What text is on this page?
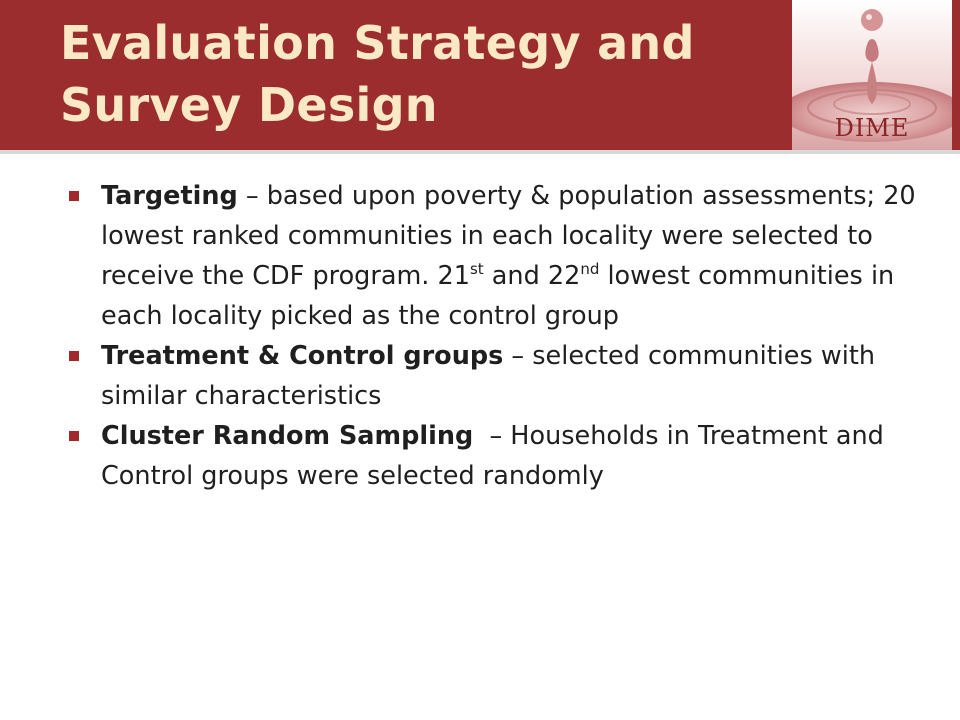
Evaluation Strategy and
Survey Design	DIME
Targeting – based upon poverty & population assessments; 20 lowest ranked communities in each locality were selected to receive the CDF program. 21st and 22nd lowest communities in each locality picked as the control group
Treatment & Control groups – selected communities with similar characteristics
Cluster Random Sampling  – Households in Treatment and Control groups were selected randomly
